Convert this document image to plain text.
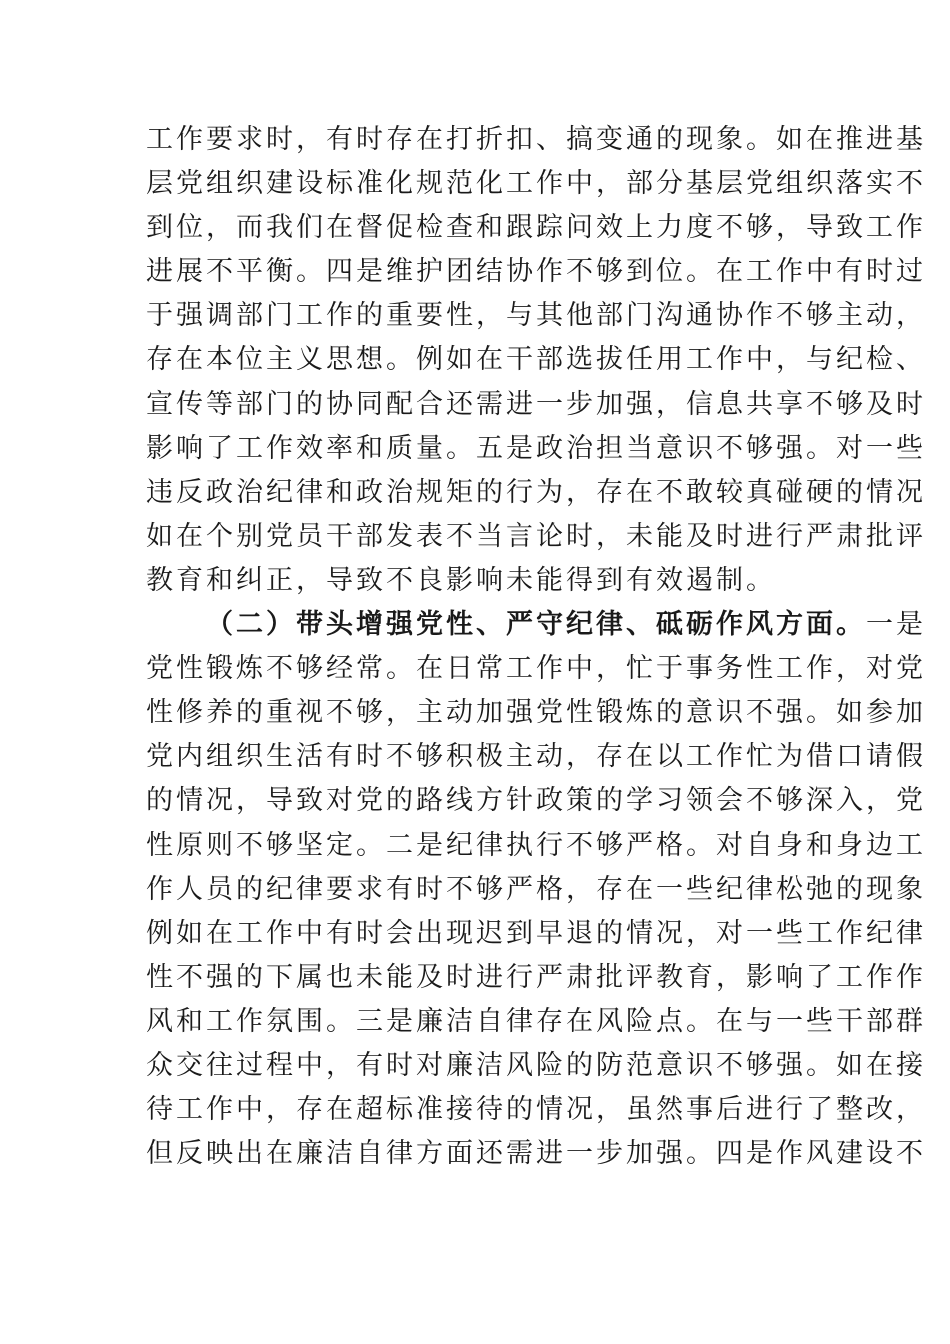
工作要求时，有时存在打折扣、搞变通的现象。如在推进基
层党组织建设标准化规范化工作中，部分基层党组织落实不
到位，而我们在督促检查和跟踪问效上力度不够，导致工作
进展不平衡。四是维护团结协作不够到位。在工作中有时过
于强调部门工作的重要性，与其他部门沟通协作不够主动，
存在本位主义思想。例如在干部选拔任用工作中，与纪检、
宣传等部门的协同配合还需进一步加强，信息共享不够及时
影响了工作效率和质量。五是政治担当意识不够强。对一些
违反政治纪律和政治规矩的行为，存在不敢较真碰硬的情况
如在个别党员干部发表不当言论时，未能及时进行严肃批评
教育和纠正，导致不良影响未能得到有效遏制。
（二）带头增强党性、严守纪律、砥砺作风方面。一是
党性锻炼不够经常。在日常工作中，忙于事务性工作，对党
性修养的重视不够，主动加强党性锻炼的意识不强。如参加
党内组织生活有时不够积极主动，存在以工作忙为借口请假
的情况，导致对党的路线方针政策的学习领会不够深入，党
性原则不够坚定。二是纪律执行不够严格。对自身和身边工
作人员的纪律要求有时不够严格，存在一些纪律松弛的现象
例如在工作中有时会出现迟到早退的情况，对一些工作纪律
性不强的下属也未能及时进行严肃批评教育，影响了工作作
风和工作氛围。三是廉洁自律存在风险点。在与一些干部群
众交往过程中，有时对廉洁风险的防范意识不够强。如在接
待工作中，存在超标准接待的情况，虽然事后进行了整改，
但反映出在廉洁自律方面还需进一步加强。四是作风建设不
